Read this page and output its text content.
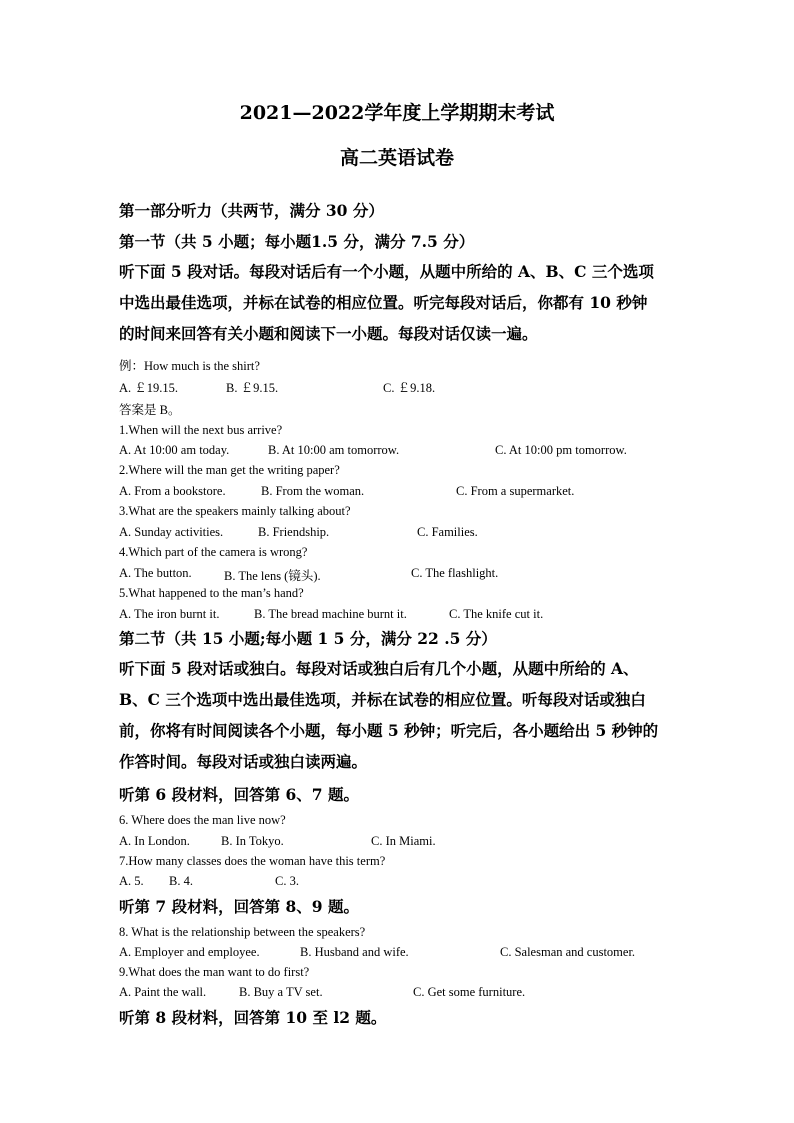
2021—2022学年度上学期期末考试
高二英语试卷
第一部分听力（共两节，满分 30 分）
第一节（共 5 小题；每小题1.5 分，满分 7.5 分）
听下面 5 段对话。每段对话后有一个小题，从题中所给的 A、B、C 三个选项
中选出最佳选项，并标在试卷的相应位置。听完每段对话后，你都有 10 秒钟
的时间来回答有关小题和阅读下一小题。每段对话仅读一遍。
例：How much is the shirt?
A. ￡19.15.	B. ￡9.15.	C. ￡9.18.
答案是 B。
1.When will the next bus arrive?
A. At 10:00 am today.	B. At 10:00 am tomorrow.	C. At 10:00 pm tomorrow.
2.Where will the man get the writing paper?
A. From a bookstore.	B. From the woman.	C. From a supermarket.
3.What are the speakers mainly talking about?
A. Sunday activities.	B. Friendship.	C. Families.
4.Which part of the camera is wrong?
A. The button.	B. The lens (镜头).	C. The flashlight.
5.What happened to the man’s hand?
A. The iron burnt it.	B. The bread machine burnt it.	C. The knife cut it.
第二节（共 15 小题;每小题 1 5 分，满分 22 .5 分）
听下面 5 段对话或独白。每段对话或独白后有几个小题，从题中所给的 A、
B、C 三个选项中选出最佳选项，并标在试卷的相应位置。听每段对话或独白
前，你将有时间阅读各个小题，每小题 5 秒钟；听完后，各小题给出 5 秒钟的
作答时间。每段对话或独白读两遍。
听第 6 段材料，回答第 6、7 题。
6. Where does the man live now?
A. In London. B. In Tokyo.	C. In Miami.
7.How many classes does the woman have this term?
A. 5. B. 4.	C. 3.
听第 7 段材料，回答第 8、9 题。
8. What is the relationship between the speakers?
A. Employer and employee.	B. Husband and wife.	C. Salesman and customer.
9.What does the man want to do first?
A. Paint the wall.	B. Buy a TV set.	C. Get some furniture.
听第 8 段材料，回答第 10 至 l2 题。
